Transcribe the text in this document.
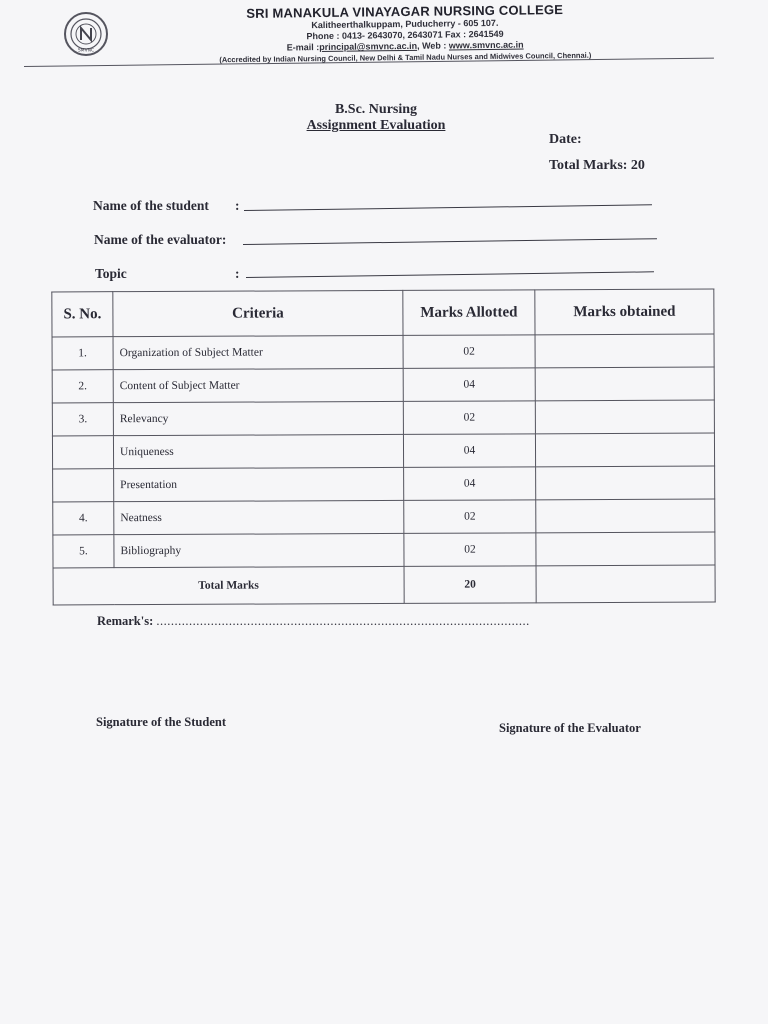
SMVNC
SRI MANAKULA VINAYAGAR NURSING COLLEGE
Kalitheerthalkuppam, Puducherry - 605 107.
Phone : 0413- 2643070, 2643071 Fax : 2641549
E-mail :principal@smvnc.ac.in, Web : www.smvnc.ac.in
(Accredited by Indian Nursing Council, New Delhi & Tamil Nadu Nurses and Midwives Council, Chennai.)
B.Sc. Nursing
Assignment Evaluation
Date:
Total Marks: 20
Name of the student :
Name of the evaluator:
Topic	:
S. No.	Criteria	Marks Allotted	Marks obtained
1.	Organization of Subject Matter	02	
2.	Content of Subject Matter	04	
3.	Relevancy	02	
	Uniqueness	04	
	Presentation	04	
4.	Neatness	02	
5.	Bibliography	02	
Total Marks		20	
Remark's: .......................................................................................................
Signature of the Student	Signature of the Evaluator
